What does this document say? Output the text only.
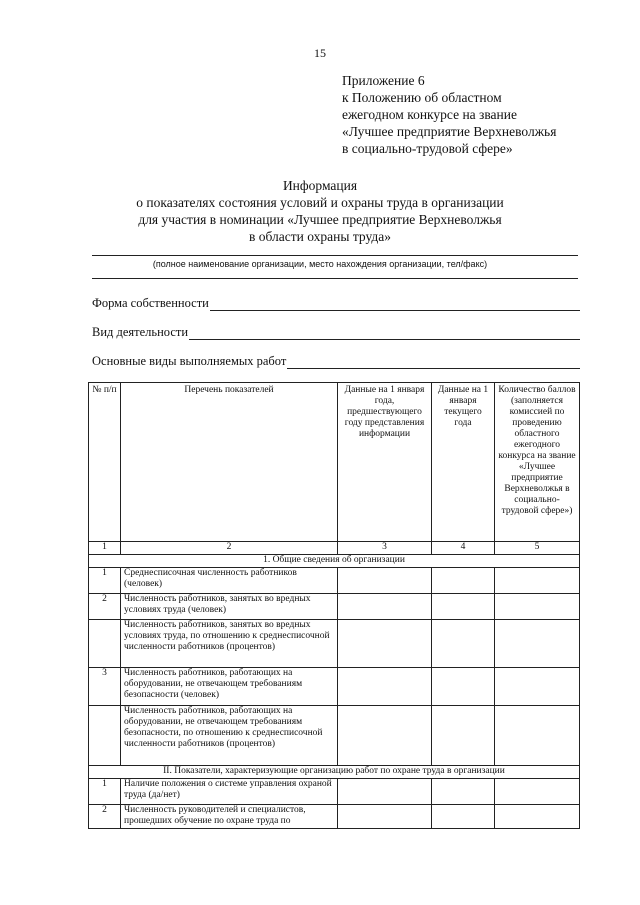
15
Приложение 6
к Положению об областном
ежегодном конкурсе на звание
«Лучшее предприятие Верхневолжья
в социально-трудовой сфере»
Информация
о показателях состояния условий и охраны труда в организации
для участия в номинации «Лучшее предприятие Верхневолжья
в области охраны труда»
(полное наименование организации, место нахождения организации, тел/факс)
Форма собственности
Вид деятельности
Основные виды выполняемых работ
№ п/п	Перечень показателей	Данные на 1 января года, предшествующего году представления информации	Данные на 1 января текущего года	Количество баллов (заполняется комиссией по проведению областного ежегодного конкурса на звание «Лучшее предприятие Верхневолжья в социально-трудовой сфере»)
1	2	3	4	5
1. Общие сведения об организации				
1	Среднесписочная численность работников (человек)			
2	Численность работников, занятых во вредных условиях труда (человек)			
	Численность работников, занятых во вредных условиях труда, по отношению к среднесписочной численности работников (процентов)			
3	Численность работников, работающих на оборудовании, не отвечающем требованиям безопасности (человек)			
	Численность работников, работающих на оборудовании, не отвечающем требованиям безопасности, по отношению к среднесписочной численности работников (процентов)			
II. Показатели, характеризующие организацию работ по охране труда в организации				
1	Наличие положения о системе управления охраной труда (да/нет)			
2	Численность руководителей и специалистов, прошедших обучение по охране труда по			
